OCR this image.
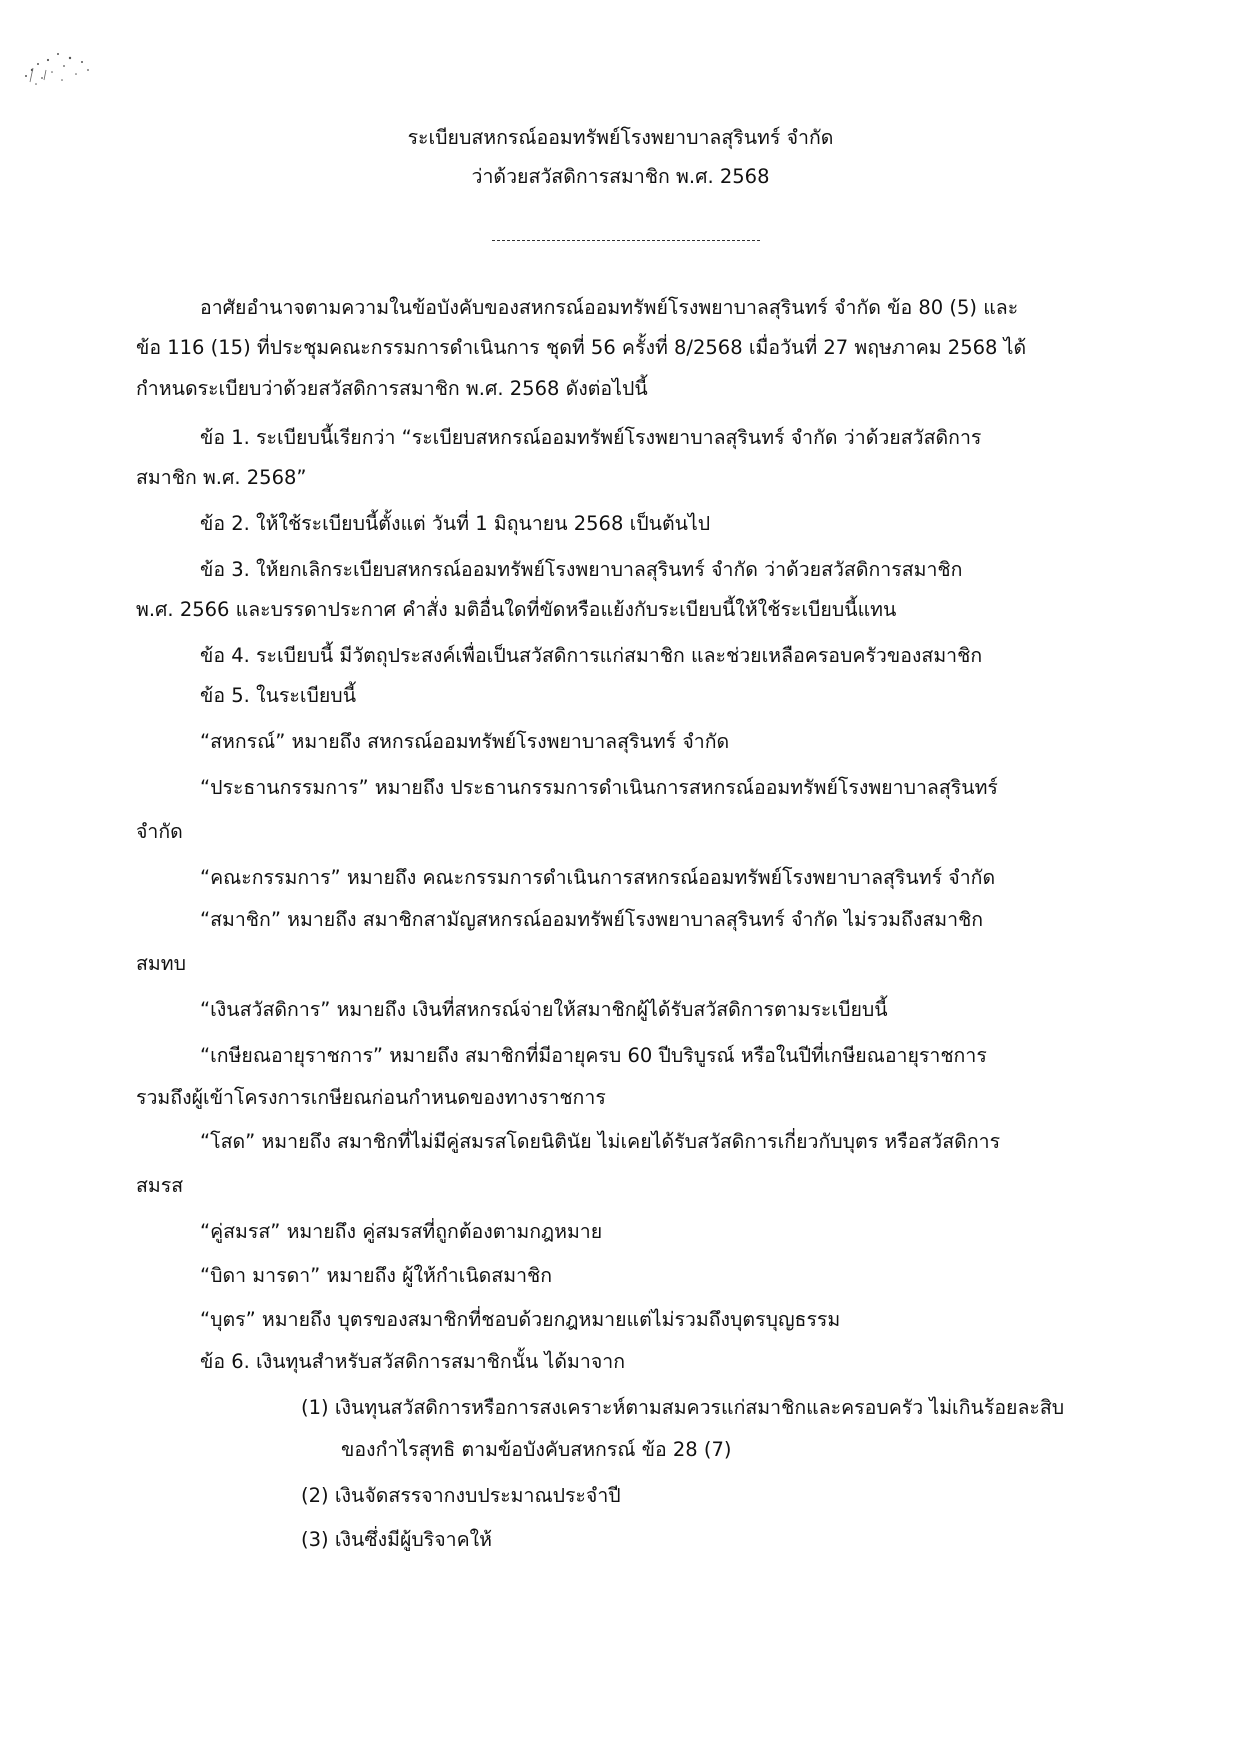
ระเบียบสหกรณ์ออมทรัพย์โรงพยาบาลสุรินทร์ จำกัด
ว่าด้วยสวัสดิการสมาชิก พ.ศ. 2568
อาศัยอำนาจตามความในข้อบังคับของสหกรณ์ออมทรัพย์โรงพยาบาลสุรินทร์ จำกัด ข้อ 80 (5) และ
ข้อ 116 (15) ที่ประชุมคณะกรรมการดำเนินการ ชุดที่ 56 ครั้งที่ 8/2568 เมื่อวันที่ 27 พฤษภาคม 2568 ได้
กำหนดระเบียบว่าด้วยสวัสดิการสมาชิก พ.ศ. 2568 ดังต่อไปนี้
ข้อ 1. ระเบียบนี้เรียกว่า “ระเบียบสหกรณ์ออมทรัพย์โรงพยาบาลสุรินทร์ จำกัด ว่าด้วยสวัสดิการ
สมาชิก พ.ศ. 2568”
ข้อ 2. ให้ใช้ระเบียบนี้ตั้งแต่ วันที่ 1 มิถุนายน 2568 เป็นต้นไป
ข้อ 3. ให้ยกเลิกระเบียบสหกรณ์ออมทรัพย์โรงพยาบาลสุรินทร์ จำกัด ว่าด้วยสวัสดิการสมาชิก
พ.ศ. 2566 และบรรดาประกาศ คำสั่ง มติอื่นใดที่ขัดหรือแย้งกับระเบียบนี้ให้ใช้ระเบียบนี้แทน
ข้อ 4. ระเบียบนี้ มีวัตถุประสงค์เพื่อเป็นสวัสดิการแก่สมาชิก และช่วยเหลือครอบครัวของสมาชิก
ข้อ 5. ในระเบียบนี้
“สหกรณ์” หมายถึง สหกรณ์ออมทรัพย์โรงพยาบาลสุรินทร์ จำกัด
“ประธานกรรมการ” หมายถึง ประธานกรรมการดำเนินการสหกรณ์ออมทรัพย์โรงพยาบาลสุรินทร์
จำกัด
“คณะกรรมการ” หมายถึง คณะกรรมการดำเนินการสหกรณ์ออมทรัพย์โรงพยาบาลสุรินทร์ จำกัด
“สมาชิก” หมายถึง สมาชิกสามัญสหกรณ์ออมทรัพย์โรงพยาบาลสุรินทร์ จำกัด ไม่รวมถึงสมาชิก
สมทบ
“เงินสวัสดิการ” หมายถึง เงินที่สหกรณ์จ่ายให้สมาชิกผู้ได้รับสวัสดิการตามระเบียบนี้
“เกษียณอายุราชการ” หมายถึง สมาชิกที่มีอายุครบ 60 ปีบริบูรณ์ หรือในปีที่เกษียณอายุราชการ
รวมถึงผู้เข้าโครงการเกษียณก่อนกำหนดของทางราชการ
“โสด” หมายถึง สมาชิกที่ไม่มีคู่สมรสโดยนิตินัย ไม่เคยได้รับสวัสดิการเกี่ยวกับบุตร หรือสวัสดิการ
สมรส
“คู่สมรส” หมายถึง คู่สมรสที่ถูกต้องตามกฎหมาย
“บิดา มารดา” หมายถึง ผู้ให้กำเนิดสมาชิก
“บุตร” หมายถึง บุตรของสมาชิกที่ชอบด้วยกฎหมายแต่ไม่รวมถึงบุตรบุญธรรม
ข้อ 6. เงินทุนสำหรับสวัสดิการสมาชิกนั้น ได้มาจาก
(1) เงินทุนสวัสดิการหรือการสงเคราะห์ตามสมควรแก่สมาชิกและครอบครัว ไม่เกินร้อยละสิบ
ของกำไรสุทธิ ตามข้อบังคับสหกรณ์ ข้อ 28 (7)
(2) เงินจัดสรรจากงบประมาณประจำปี
(3) เงินซึ่งมีผู้บริจาคให้
